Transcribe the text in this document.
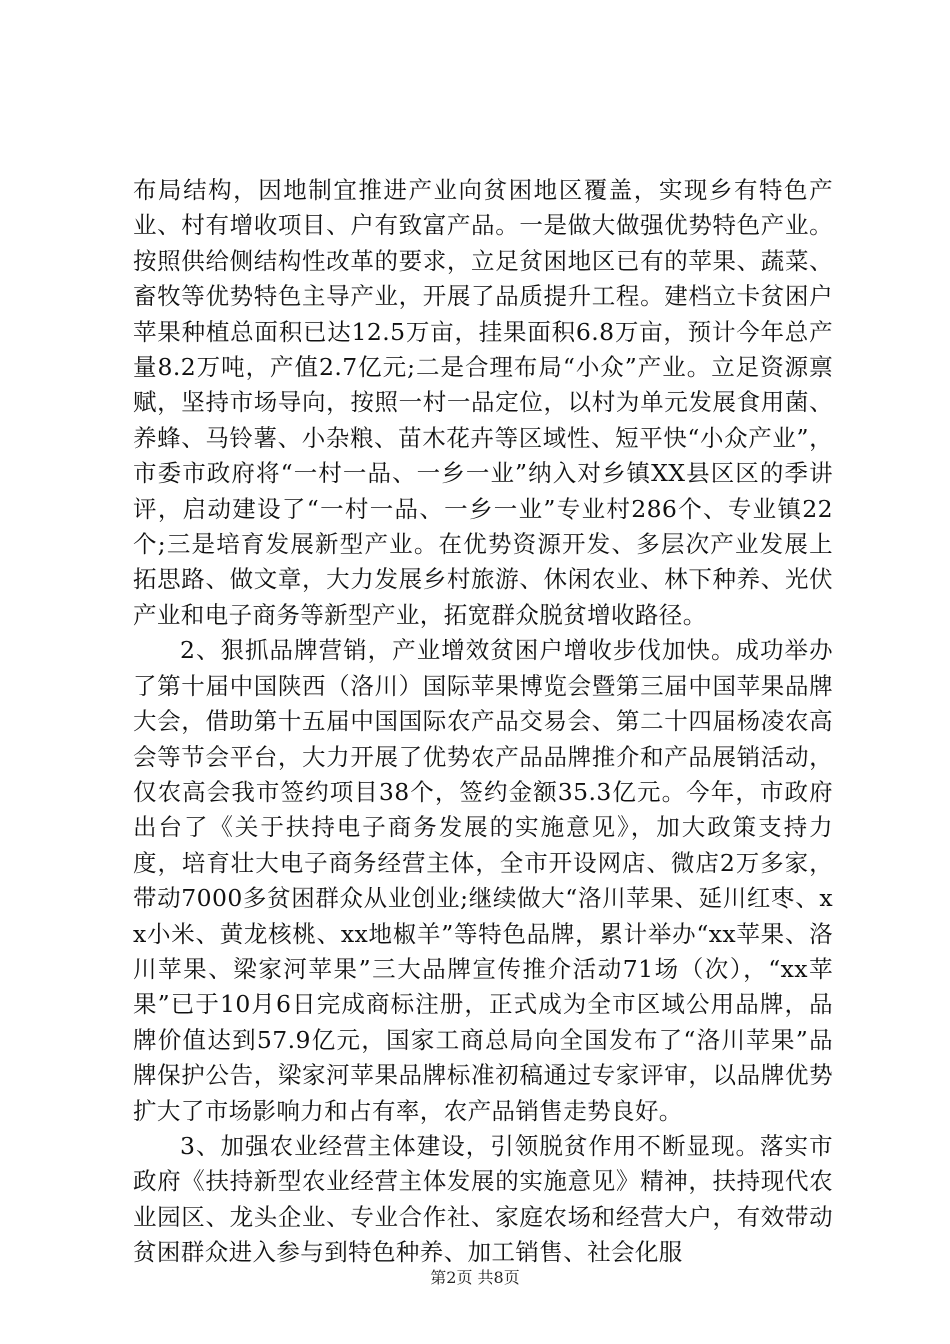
布局结构，因地制宜推进产业向贫困地区覆盖，实现乡有特色产业、村有增收项目、户有致富产品。一是做大做强优势特色产业。按照供给侧结构性改革的要求，立足贫困地区已有的苹果、蔬菜、畜牧等优势特色主导产业，开展了品质提升工程。建档立卡贫困户苹果种植总面积已达12.5万亩，挂果面积6.8万亩，预计今年总产量8.2万吨，产值2.7亿元;二是合理布局“小众”产业。立足资源禀赋，坚持市场导向，按照一村一品定位，以村为单元发展食用菌、养蜂、马铃薯、小杂粮、苗木花卉等区域性、短平快“小众产业”，市委市政府将“一村一品、一乡一业”纳入对乡镇XX县区区的季讲评，启动建设了“一村一品、一乡一业”专业村286个、专业镇22个;三是培育发展新型产业。在优势资源开发、多层次产业发展上拓思路、做文章，大力发展乡村旅游、休闲农业、林下种养、光伏产业和电子商务等新型产业，拓宽群众脱贫增收路径。

2、狠抓品牌营销，产业增效贫困户增收步伐加快。成功举办了第十届中国陕西（洛川）国际苹果博览会暨第三届中国苹果品牌大会，借助第十五届中国国际农产品交易会、第二十四届杨凌农高会等节会平台，大力开展了优势农产品品牌推介和产品展销活动，仅农高会我市签约项目38个，签约金额35.3亿元。今年，市政府出台了《关于扶持电子商务发展的实施意见》，加大政策支持力度，培育壮大电子商务经营主体，全市开设网店、微店2万多家，带动7000多贫困群众从业创业;继续做大“洛川苹果、延川红枣、xx小米、黄龙核桃、xx地椒羊”等特色品牌，累计举办“xx苹果、洛川苹果、梁家河苹果”三大品牌宣传推介活动71场（次），“xx苹果”已于10月6日完成商标注册，正式成为全市区域公用品牌，品牌价值达到57.9亿元，国家工商总局向全国发布了“洛川苹果”品牌保护公告，梁家河苹果品牌标准初稿通过专家评审，以品牌优势扩大了市场影响力和占有率，农产品销售走势良好。

3、加强农业经营主体建设，引领脱贫作用不断显现。落实市政府《扶持新型农业经营主体发展的实施意见》精神，扶持现代农业园区、龙头企业、专业合作社、家庭农场和经营大户，有效带动贫困群众进入参与到特色种养、加工销售、社会化服

第2页 共8页
